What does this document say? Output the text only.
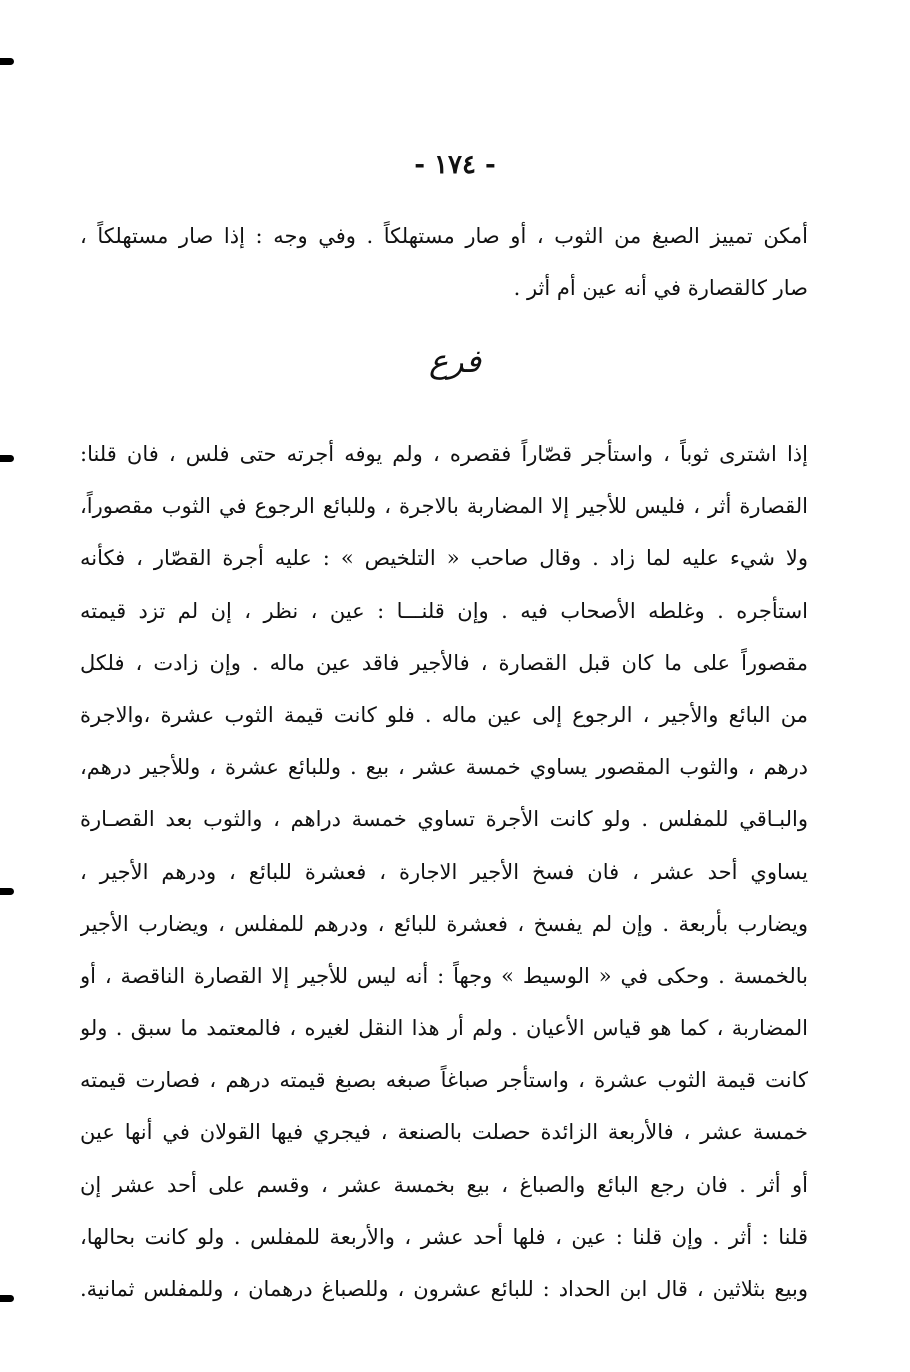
- ١٧٤ -
أمكن تمييز الصبغ من الثوب ، أو صار مستهلكاً . وفي وجه : إذا صار مستهلكاً ،
صار كالقصارة في أنه عين أم أثر .
فرع
إذا اشترى ثوباً ، واستأجر قصّاراً فقصره ، ولم يوفه أجرته حتى فلس ، فان قلنا:
القصارة أثر ، فليس للأجير إلا المضاربة بالاجرة ، وللبائع الرجوع في الثوب مقصوراً،
ولا شيء عليه لما زاد . وقال صاحب « التلخيص » : عليه أجرة القصّار ، فكأنه
استأجره . وغلطه الأصحاب فيه . وإن قلنـــا : عين ، نظر ، إن لم تزد قيمته
مقصوراً على ما كان قبل القصارة ، فالأجير فاقد عين ماله . وإن زادت ، فلكل
من البائع والأجير ، الرجوع إلى عين ماله . فلو كانت قيمة الثوب عشرة ،والاجرة
درهم ، والثوب المقصور يساوي خمسة عشر ، بيع . وللبائع عشرة ، وللأجير درهم،
والبـاقي للمفلس . ولو كانت الأجرة تساوي خمسة دراهم ، والثوب بعد القصـارة
يساوي أحد عشر ، فان فسخ الأجير الاجارة ، فعشرة للبائع ، ودرهم الأجير ،
ويضارب بأربعة . وإن لم يفسخ ، فعشرة للبائع ، ودرهم للمفلس ، ويضارب الأجير
بالخمسة . وحكى في « الوسيط » وجهاً : أنه ليس للأجير إلا القصارة الناقصة ، أو
المضاربة ، كما هو قياس الأعيان . ولم أر هذا النقل لغيره ، فالمعتمد ما سبق . ولو
كانت قيمة الثوب عشرة ، واستأجر صباغاً صبغه بصبغ قيمته درهم ، فصارت قيمته
خمسة عشر ، فالأربعة الزائدة حصلت بالصنعة ، فيجري فيها القولان في أنها عين
أو أثر . فان رجع البائع والصباغ ، بيع بخمسة عشر ، وقسم على أحد عشر إن
قلنا : أثر . وإن قلنا : عين ، فلها أحد عشر ، والأربعة للمفلس . ولو كانت بحالها،
وبيع بثلاثين ، قال ابن الحداد : للبائع عشرون ، وللصباغ درهمان ، وللمفلس ثمانية.
